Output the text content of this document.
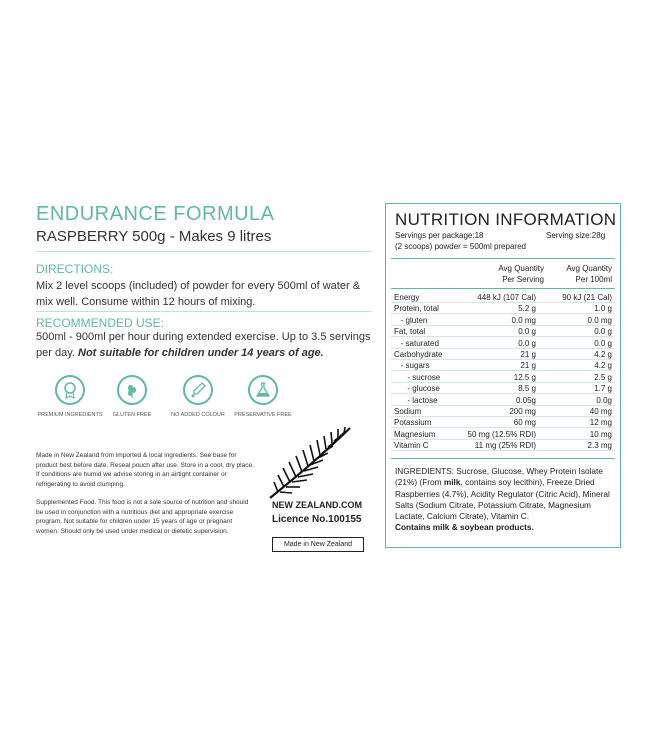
ENDURANCE FORMULA
RASPBERRY 500g - Makes 9 litres
DIRECTIONS:
Mix 2 level scoops (included) of powder for every 500ml of water & mix well. Consume within 12 hours of mixing.
RECOMMENDED USE:
500ml - 900ml per hour during extended exercise. Up to 3.5 servings per day. Not suitable for children under 14 years of age.
PREMIUM INGREDIENTS	GLUTEN FREE	NO ADDED COLOUR	PRESERVATIVE FREE
Made in New Zealand from imported & local ingredients. See base for product best before date. Reseal pouch after use. Store in a cool, dry place. If conditions are humid we advise storing in an airtight container or refrigerating to avoid clumping.
Supplemented Food. This food is not a sole source of nutrition and should be used in conjunction with a nutritious diet and appropriate exercise program. Not suitable for children under 15 years of age or pregnant women. Should only be used under medical or dietetic supervision.
NEW ZEALAND.COM
Licence No.100155
Made in New Zealand
NUTRITION INFORMATION
Servings per package:18	Serving size:28g
(2 scoops) powder = 500ml prepared
Avg Quantity
Per Serving
Avg Quantity
Per 100ml
Energy	448 kJ (107 Cal)	90 kJ (21 Cal)
Protein, total	5.2 g	1.0 g
- gluten	0.0 mg	0.0 mg
Fat, total	0.0 g	0.0 g
- saturated	0.0 g	0.0 g
Carbohydrate	21 g	4.2 g
- sugars	21 g	4.2 g
- sucrose	12.5 g	2.5 g
- glucose	8.5 g	1.7 g
- lactose	0.05g	0.0g
Sodium	200 mg	40 mg
Potassium	60 mg	12 mg
Magnesium	50 mg (12.5% RDI)	10 mg
Vitamin C	11 mg (25% RDI)	2.3 mg
INGREDIENTS: Sucrose, Glucose, Whey Protein Isolate (21%) (From milk, contains soy lecithin), Freeze Dried Raspberries (4.7%), Acidity Regulator (Citric Acid), Mineral Salts (Sodium Citrate, Potassium Citrate, Magnesium Lactate, Calcium Citrate), Vitamin C.
Contains milk & soybean products.
